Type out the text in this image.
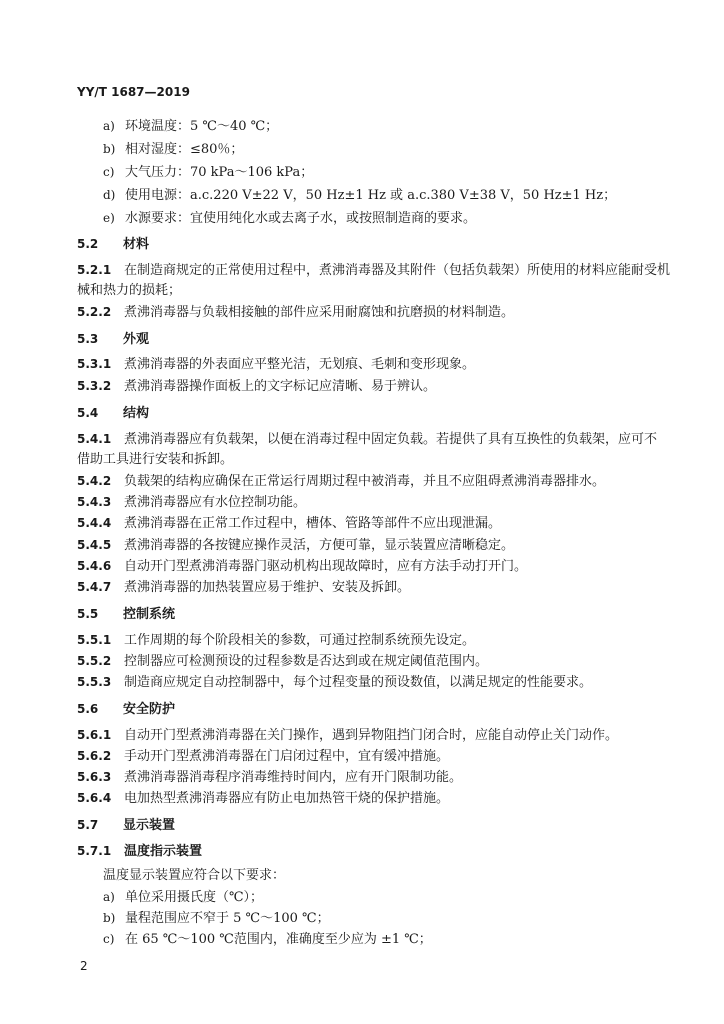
YY/T 1687—2019
a) 环境温度：5 ℃～40 ℃；
b) 相对湿度：≤80％；
c) 大气压力：70 kPa～106 kPa；
d) 使用电源：a.c.220 V±22 V，50 Hz±1 Hz 或 a.c.380 V±38 V，50 Hz±1 Hz；
e) 水源要求：宜使用纯化水或去离子水，或按照制造商的要求。
5.2 材料
5.2.1 在制造商规定的正常使用过程中，煮沸消毒器及其附件（包括负载架）所使用的材料应能耐受机
械和热力的损耗；
5.2.2 煮沸消毒器与负载相接触的部件应采用耐腐蚀和抗磨损的材料制造。
5.3 外观
5.3.1 煮沸消毒器的外表面应平整光洁，无划痕、毛刺和变形现象。
5.3.2 煮沸消毒器操作面板上的文字标记应清晰、易于辨认。
5.4 结构
5.4.1 煮沸消毒器应有负载架，以便在消毒过程中固定负载。若提供了具有互换性的负载架，应可不
借助工具进行安装和拆卸。
5.4.2 负载架的结构应确保在正常运行周期过程中被消毒，并且不应阻碍煮沸消毒器排水。
5.4.3 煮沸消毒器应有水位控制功能。
5.4.4 煮沸消毒器在正常工作过程中，槽体、管路等部件不应出现泄漏。
5.4.5 煮沸消毒器的各按键应操作灵活，方便可靠，显示装置应清晰稳定。
5.4.6 自动开门型煮沸消毒器门驱动机构出现故障时，应有方法手动打开门。
5.4.7 煮沸消毒器的加热装置应易于维护、安装及拆卸。
5.5 控制系统
5.5.1 工作周期的每个阶段相关的参数，可通过控制系统预先设定。
5.5.2 控制器应可检测预设的过程参数是否达到或在规定阈值范围内。
5.5.3 制造商应规定自动控制器中，每个过程变量的预设数值，以满足规定的性能要求。
5.6 安全防护
5.6.1 自动开门型煮沸消毒器在关门操作，遇到异物阻挡门闭合时，应能自动停止关门动作。
5.6.2 手动开门型煮沸消毒器在门启闭过程中，宜有缓冲措施。
5.6.3 煮沸消毒器消毒程序消毒维持时间内，应有开门限制功能。
5.6.4 电加热型煮沸消毒器应有防止电加热管干烧的保护措施。
5.7 显示装置
5.7.1 温度指示装置
温度显示装置应符合以下要求：
a) 单位采用摄氏度（℃）；
b) 量程范围应不窄于 5 ℃～100 ℃；
c) 在 65 ℃～100 ℃范围内，准确度至少应为 ±1 ℃；
2
